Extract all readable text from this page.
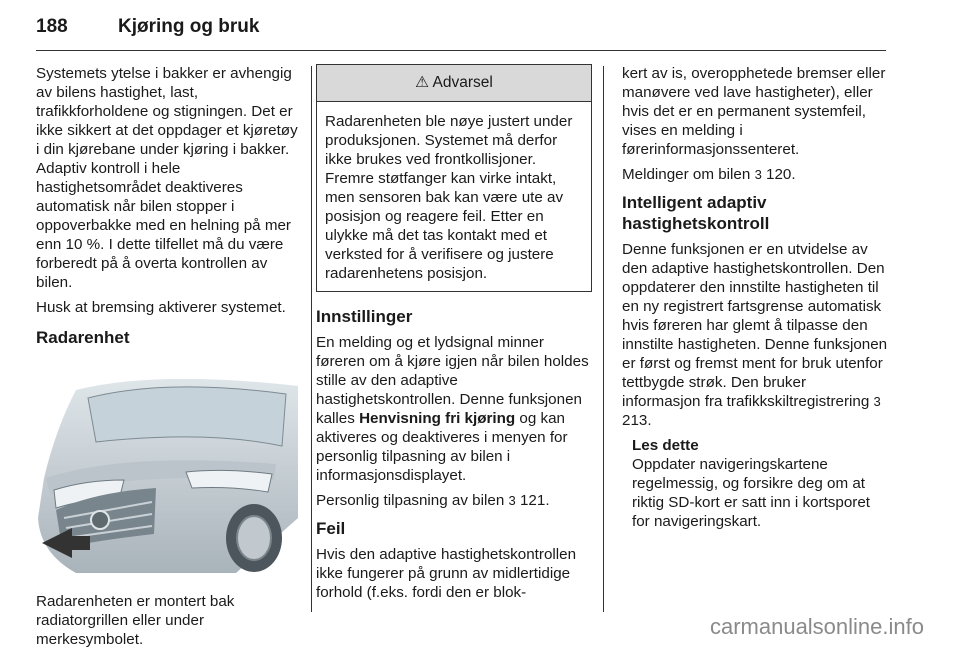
188	Kjøring og bruk

Systemets ytelse i bakker er avhengig av bilens hastighet, last, trafikkforholdene og stigningen. Det er ikke sikkert at det oppdager et kjøretøy i din kjørebane under kjøring i bakker. Adaptiv kontroll i hele hastighetsområdet deaktiveres automatisk når bilen stopper i oppoverbakke med en helning på mer enn 10 %. I dette tilfellet må du være forberedt på å overta kontrollen av bilen.

Husk at bremsing aktiverer systemet.

Radarenhet

Radarenheten er montert bak radiatorgrillen eller under merkesymbolet.

⚠ Advarsel
Radarenheten ble nøye justert under produksjonen. Systemet må derfor ikke brukes ved frontkollisjoner. Fremre støtfanger kan virke intakt, men sensoren bak kan være ute av posisjon og reagere feil. Etter en ulykke må det tas kontakt med et verksted for å verifisere og justere radarenhetens posisjon.
Innstillinger

En melding og et lydsignal minner føreren om å kjøre igjen når bilen holdes stille av den adaptive hastighetskontrollen. Denne funksjonen kalles Henvisning fri kjøring og kan aktiveres og deaktiveres i menyen for personlig tilpasning av bilen i informasjonsdisplayet.

Personlig tilpasning av bilen 3 121.

Feil

Hvis den adaptive hastighetskontrollen ikke fungerer på grunn av midlertidige forhold (f.eks. fordi den er blok-

kert av is, overopphetede bremser eller manøvere ved lave hastigheter), eller hvis det er en permanent systemfeil, vises en melding i førerinformasjonssenteret.

Meldinger om bilen 3 120.

Intelligent adaptiv hastighetskontroll

Denne funksjonen er en utvidelse av den adaptive hastighetskontrollen. Den oppdaterer den innstilte hastigheten til en ny registrert fartsgrense automatisk hvis føreren har glemt å tilpasse den innstilte hastigheten. Denne funksjonen er først og fremst ment for bruk utenfor tettbygde strøk. Den bruker informasjon fra trafikkskiltregistrering 3 213.

Les dette
Oppdater navigeringskartene regelmessig, og forsikre deg om at riktig SD-kort er satt inn i kortsporet for navigeringskart.
carmanualsonline.info
